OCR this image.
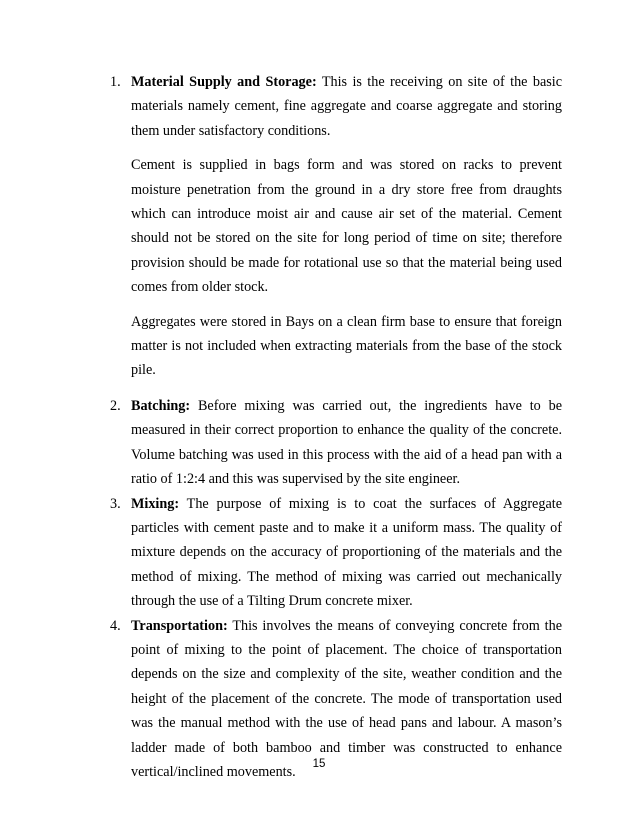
1. Material Supply and Storage: This is the receiving on site of the basic materials namely cement, fine aggregate and coarse aggregate and storing them under satisfactory conditions.

Cement is supplied in bags form and was stored on racks to prevent moisture penetration from the ground in a dry store free from draughts which can introduce moist air and cause air set of the material. Cement should not be stored on the site for long period of time on site; therefore provision should be made for rotational use so that the material being used comes from older stock.

Aggregates were stored in Bays on a clean firm base to ensure that foreign matter is not included when extracting materials from the base of the stock pile.

2. Batching: Before mixing was carried out, the ingredients have to be measured in their correct proportion to enhance the quality of the concrete. Volume batching was used in this process with the aid of a head pan with a ratio of 1:2:4 and this was supervised by the site engineer.

3. Mixing: The purpose of mixing is to coat the surfaces of Aggregate particles with cement paste and to make it a uniform mass. The quality of mixture depends on the accuracy of proportioning of the materials and the method of mixing. The method of mixing was carried out mechanically through the use of a Tilting Drum concrete mixer.

4. Transportation: This involves the means of conveying concrete from the point of mixing to the point of placement. The choice of transportation depends on the size and complexity of the site, weather condition and the height of the placement of the concrete. The mode of transportation used was the manual method with the use of head pans and labour. A mason’s ladder made of both bamboo and timber was constructed to enhance vertical/inclined movements.	15
